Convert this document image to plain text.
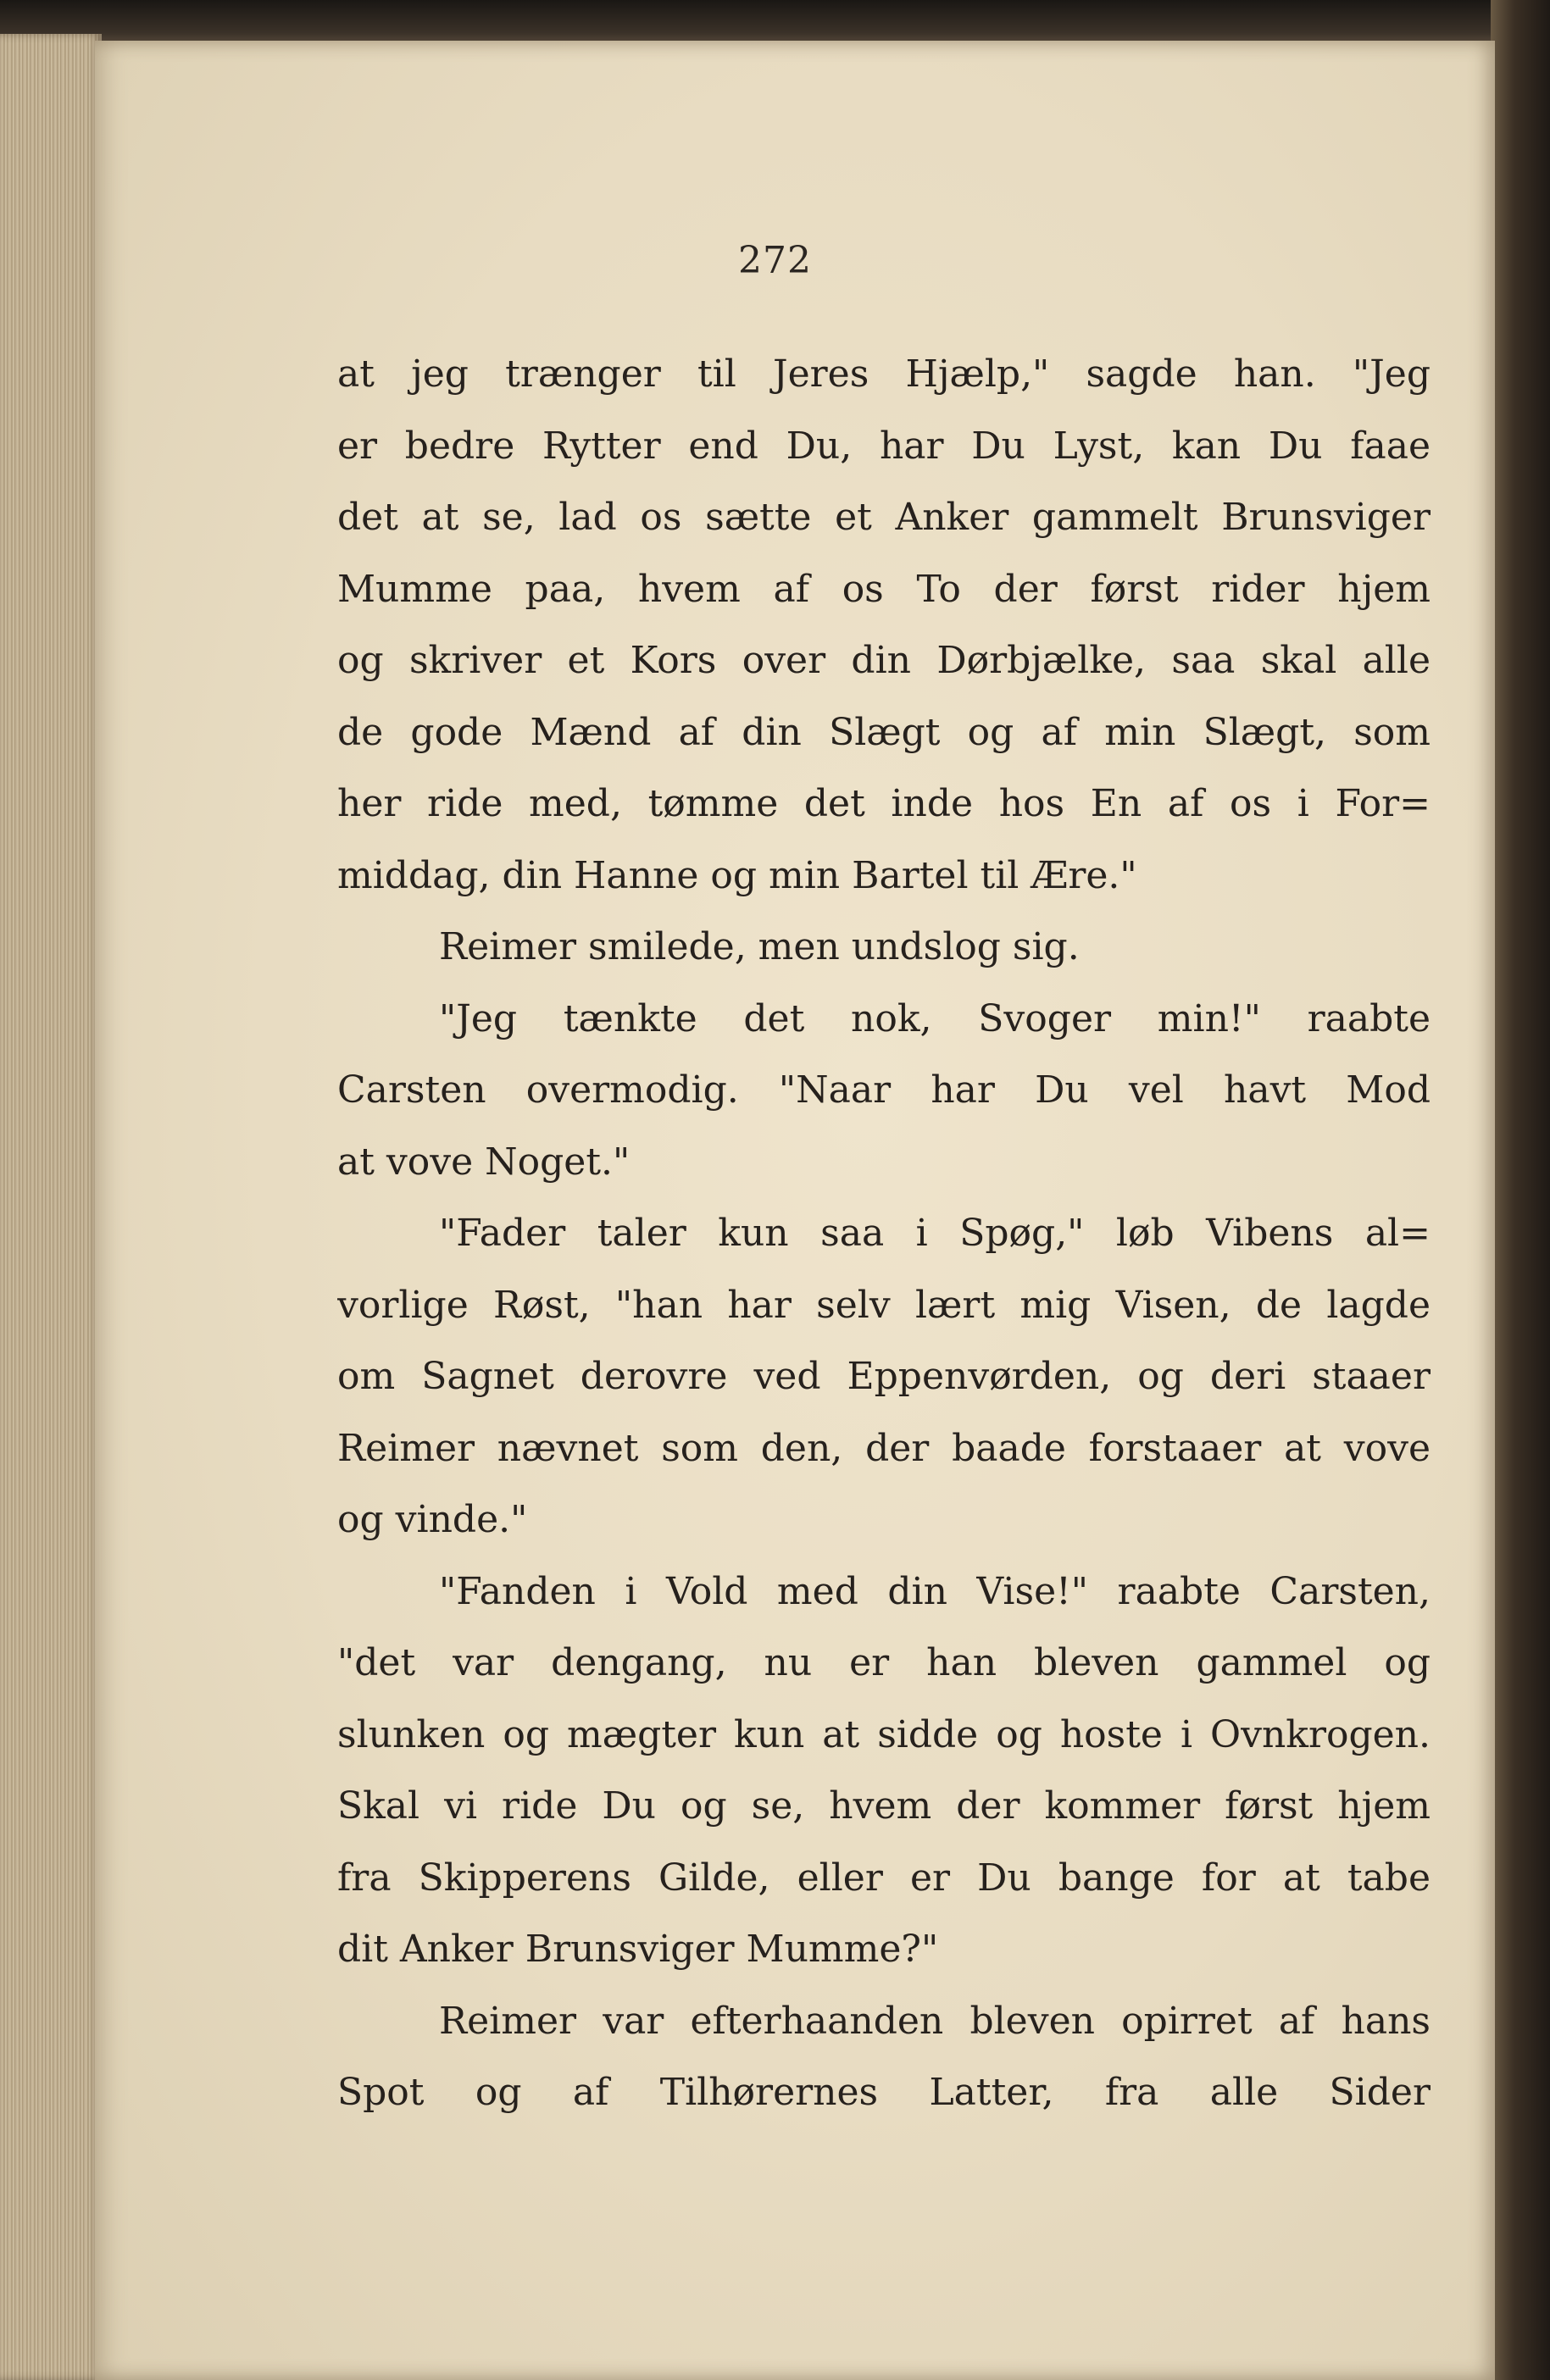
272
at jeg trænger til Jeres Hjælp," sagde han. "Jeg
er bedre Rytter end Du, har Du Lyst, kan Du faae
det at se, lad os sætte et Anker gammelt Brunsviger
Mumme paa, hvem af os To der først rider hjem
og skriver et Kors over din Dørbjælke, saa skal alle
de gode Mænd af din Slægt og af min Slægt, som
her ride med, tømme det inde hos En af os i For=
middag, din Hanne og min Bartel til Ære."
Reimer smilede, men undslog sig.
"Jeg tænkte det nok, Svoger min!" raabte
Carsten overmodig. "Naar har Du vel havt Mod
at vove Noget."
"Fader taler kun saa i Spøg," løb Vibens al=
vorlige Røst, "han har selv lært mig Visen, de lagde
om Sagnet derovre ved Eppenvørden, og deri staaer
Reimer nævnet som den, der baade forstaaer at vove
og vinde."
"Fanden i Vold med din Vise!" raabte Carsten,
"det var dengang, nu er han bleven gammel og
slunken og mægter kun at sidde og hoste i Ovnkrogen.
Skal vi ride Du og se, hvem der kommer først hjem
fra Skipperens Gilde, eller er Du bange for at tabe
dit Anker Brunsviger Mumme?"
Reimer var efterhaanden bleven opirret af hans
Spot og af Tilhørernes Latter, fra alle Sider
